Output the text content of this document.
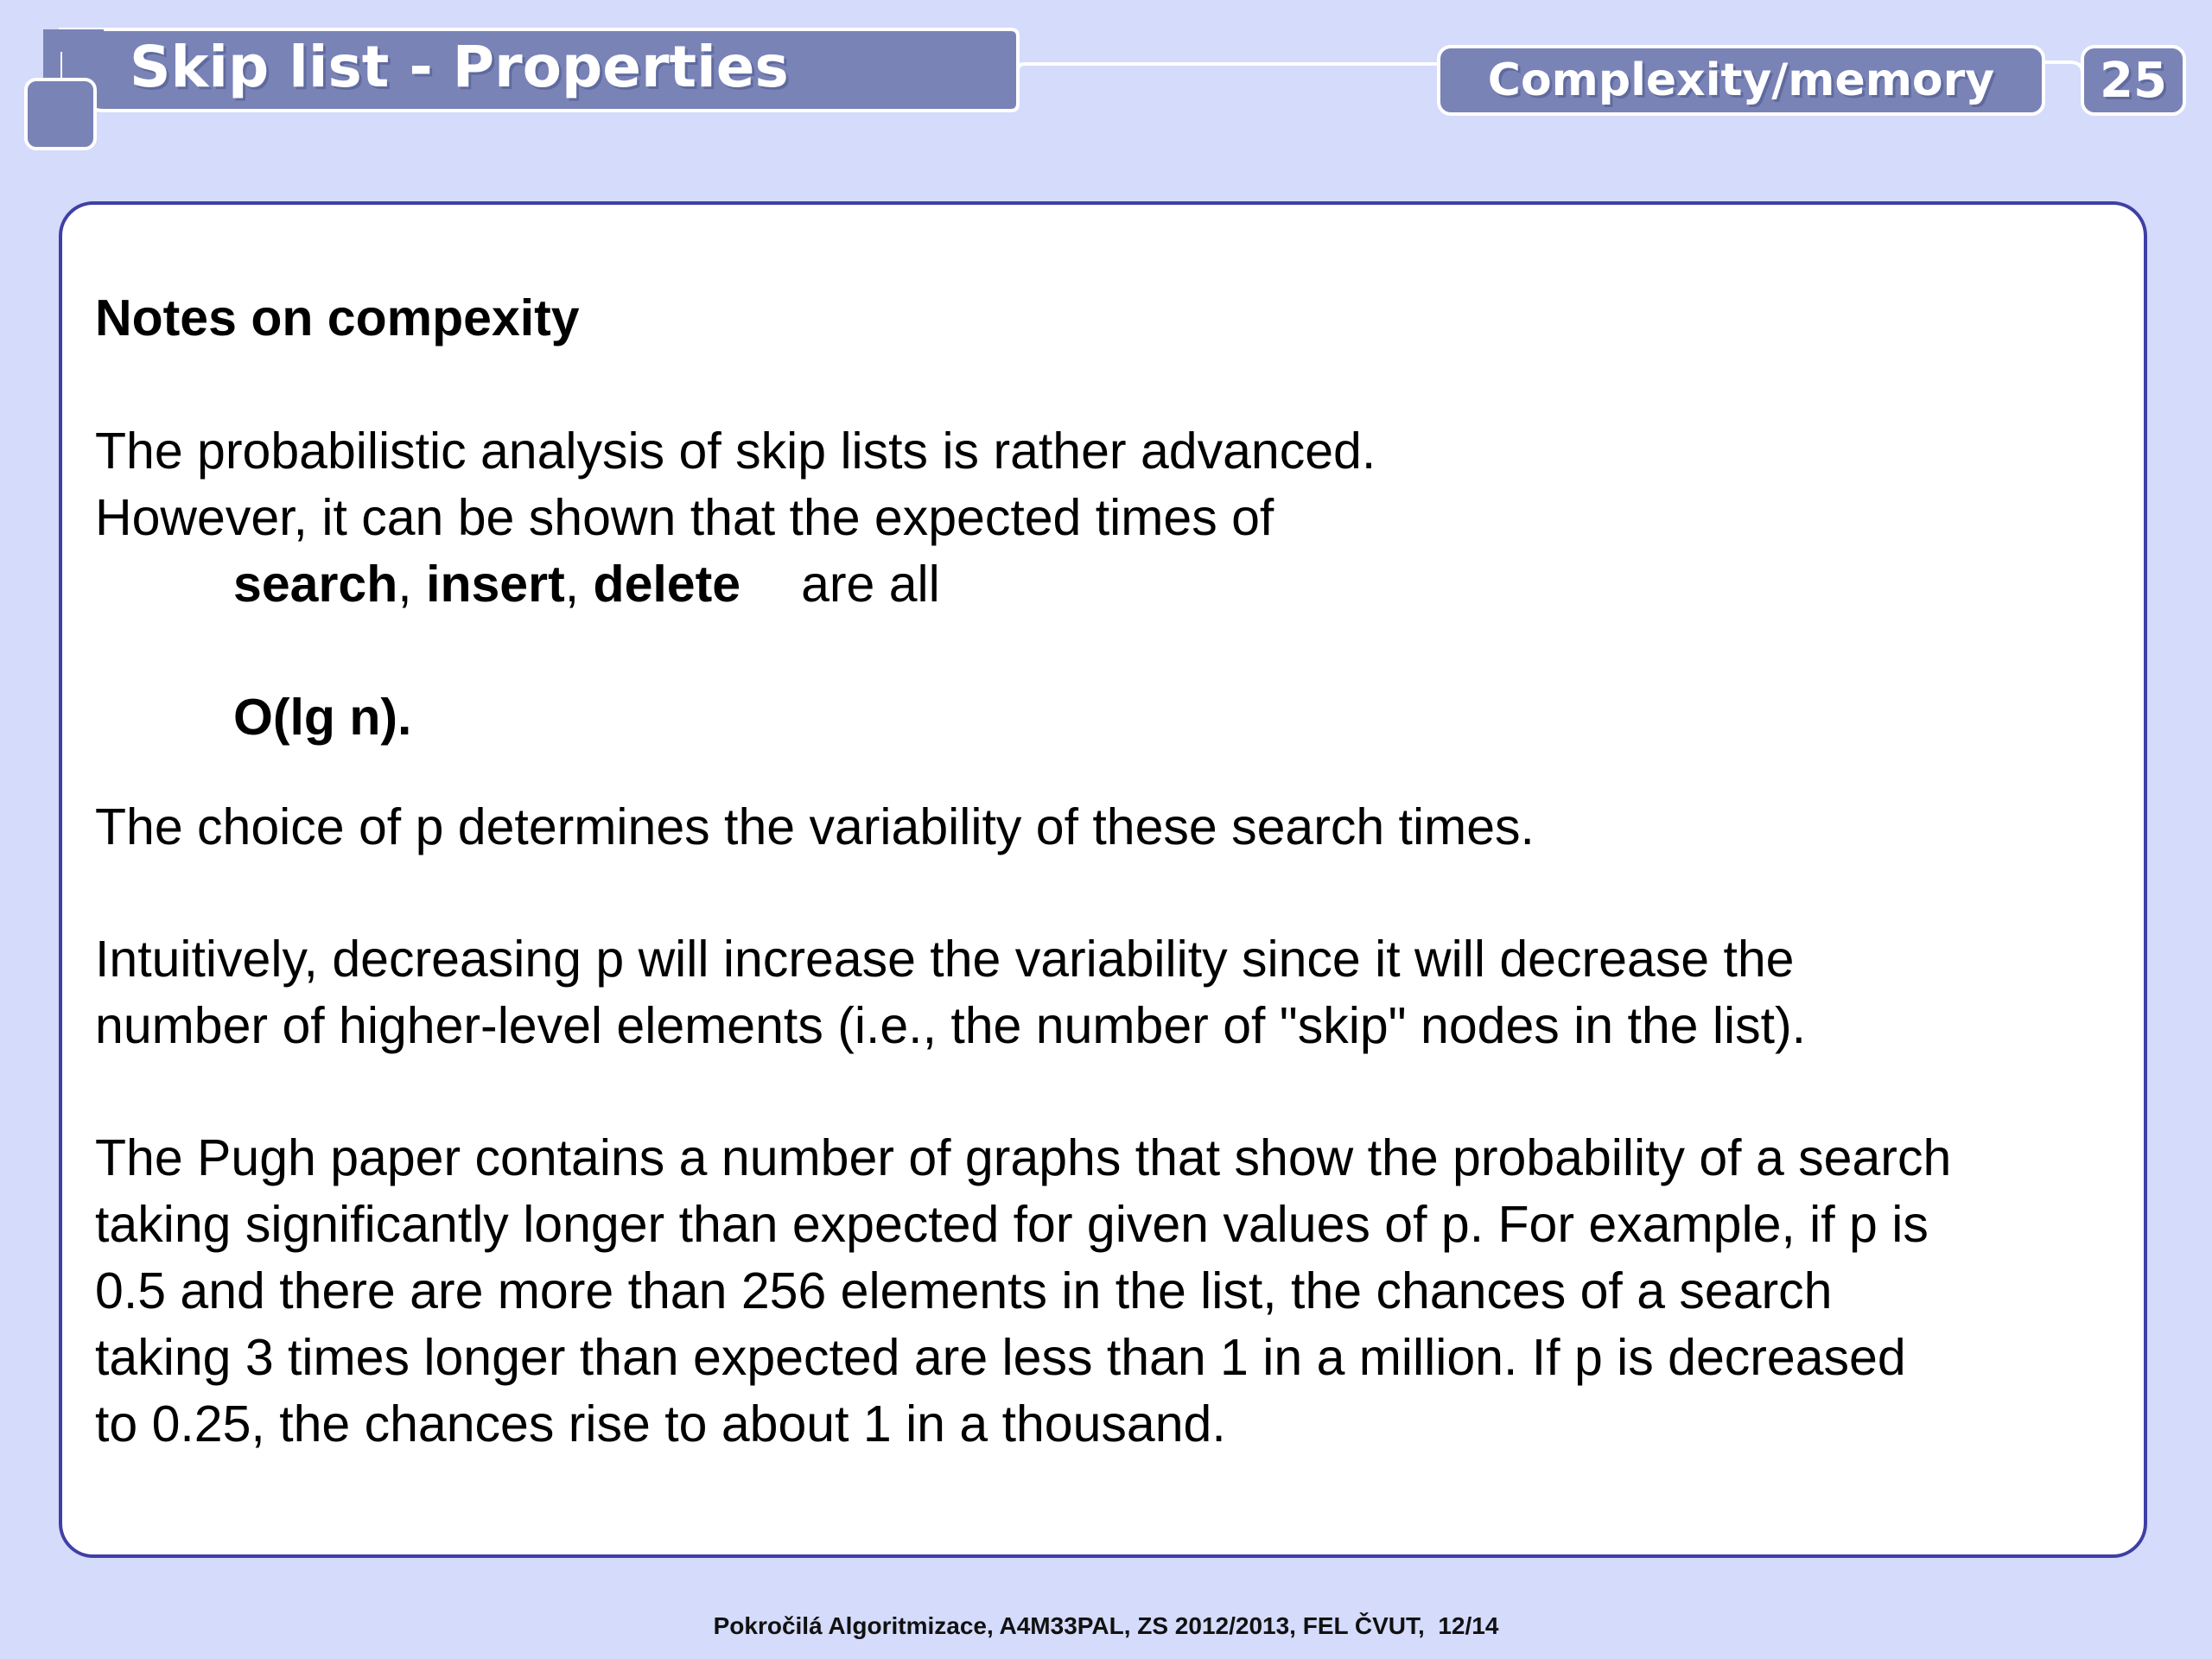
Skip list - Properties	Complexity/memory	25

Notes on compexity

The probabilistic analysis of skip lists is rather advanced.

However, it can be shown that the expected times of

search, insert, delete are all

O(lg n).

The choice of p determines the variability of these search times.

Intuitively, decreasing p will increase the variability since it will decrease the

number of higher-level elements (i.e., the number of "skip" nodes in the list).

The Pugh paper contains a number of graphs that show the probability of a search

taking significantly longer than expected for given values of p. For example, if p is

0.5 and there are more than 256 elements in the list, the chances of a search

taking 3 times longer than expected are less than 1 in a million. If p is decreased

to 0.25, the chances rise to about 1 in a thousand.

Pokročilá Algoritmizace, A4M33PAL, ZS 2012/2013, FEL ČVUT,  12/14
